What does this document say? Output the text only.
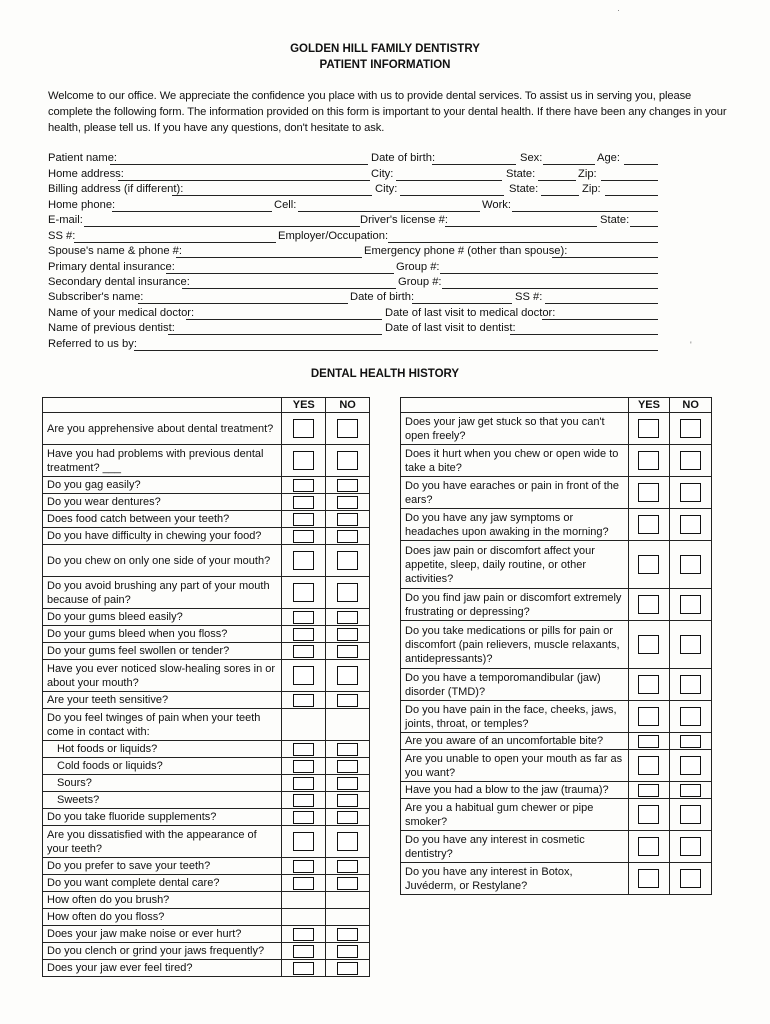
GOLDEN HILL FAMILY DENTISTRY
PATIENT INFORMATION
Welcome to our office. We appreciate the confidence you place with us to provide dental services. To assist us in serving you, please complete the following form. The information provided on this form is important to your dental health. If there have been any changes in your health, please tell us. If you have any questions, don't hesitate to ask.
Patient name:	Date of birth:	Sex:	Age:
Home address:	City:	State:	Zip:
Billing address (if different):	City:	State:	Zip:
Home phone:	Cell:	Work:
E-mail:	Driver's license #:	State:
SS #:	Employer/Occupation:
Spouse's name & phone #:	Emergency phone # (other than spouse):
Primary dental insurance:	Group #:
Secondary dental insurance:	Group #:
Subscriber's name:	Date of birth:	SS #:
Name of your medical doctor:	Date of last visit to medical doctor:
Name of previous dentist:	Date of last visit to dentist:
Referred to us by:
DENTAL HEALTH HISTORY
	YES	NO
Are you apprehensive about dental treatment?		
Have you had problems with previous dental treatment? ___		
Do you gag easily?		
Do you wear dentures?		
Does food catch between your teeth?		
Do you have difficulty in chewing your food?		
Do you chew on only one side of your mouth?		
Do you avoid brushing any part of your mouth because of pain?		
Do your gums bleed easily?		
Do your gums bleed when you floss?		
Do your gums feel swollen or tender?		
Have you ever noticed slow-healing sores in or about your mouth?		
Are your teeth sensitive?		
Do you feel twinges of pain when your teeth come in contact with:		
Hot foods or liquids?		
Cold foods or liquids?		
Sours?		
Sweets?		
Do you take fluoride supplements?		
Are you dissatisfied with the appearance of your teeth?		
Do you prefer to save your teeth?		
Do you want complete dental care?		
How often do you brush?		
How often do you floss?		
Does your jaw make noise or ever hurt?		
Do you clench or grind your jaws frequently?		
Does your jaw ever feel tired?		
	YES	NO
Does your jaw get stuck so that you can't open freely?		
Does it hurt when you chew or open wide to take a bite?		
Do you have earaches or pain in front of the ears?		
Do you have any jaw symptoms or headaches upon awaking in the morning?		
Does jaw pain or discomfort affect your appetite, sleep, daily routine, or other activities?		
Do you find jaw pain or discomfort extremely frustrating or depressing?		
Do you take medications or pills for pain or discomfort (pain relievers, muscle relaxants, antidepressants)?		
Do you have a temporomandibular (jaw) disorder (TMD)?		
Do you have pain in the face, cheeks, jaws, joints, throat, or temples?		
Are you aware of an uncomfortable bite?		
Are you unable to open your mouth as far as you want?		
Have you had a blow to the jaw (trauma)?		
Are you a habitual gum chewer or pipe smoker?		
Do you have any interest in cosmetic dentistry?		
Do you have any interest in Botox, Juvéderm, or Restylane?		
·
'
